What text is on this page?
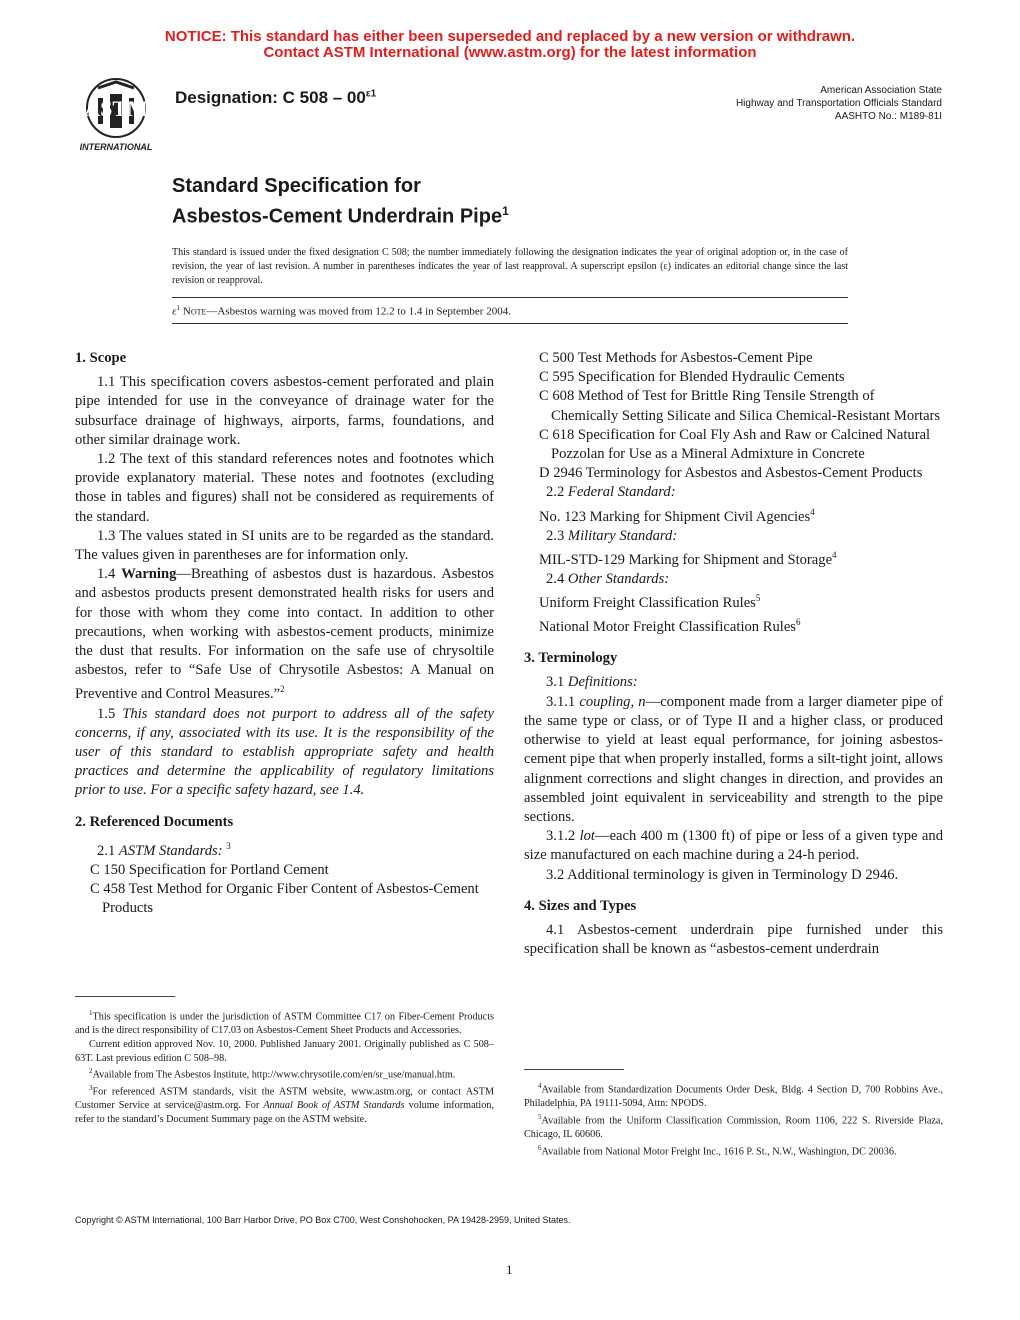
NOTICE: This standard has either been superseded and replaced by a new version or withdrawn.
Contact ASTM International (www.astm.org) for the latest information
ASTM
INTERNATIONAL
Designation: C $508 - 00^{\varepsilon 1}$	American Association State
Highway and Transportation Officials Standard
AASHTO No.: M189-81I
Standard Specification for
Asbestos-Cement Underdrain Pipe$^1$
This standard is issued under the fixed designation C 508; the number immediately following the designation indicates the year of original adoption or, in the case of revision, the year of last revision. A number in parentheses indicates the year of last reapproval. A superscript epsilon (ε) indicates an editorial change since the last revision or reapproval.
$\varepsilon^1$ Note—Asbestos warning was moved from 12.2 to 1.4 in September 2004.
1. Scope

1.1 This specification covers asbestos-cement perforated and plain pipe intended for use in the conveyance of drainage water for the subsurface drainage of highways, airports, farms, foundations, and other similar drainage work.

1.2 The text of this standard references notes and footnotes which provide explanatory material. These notes and footnotes (excluding those in tables and figures) shall not be considered as requirements of the standard.

1.3 The values stated in SI units are to be regarded as the standard. The values given in parentheses are for information only.

1.4 Warning—Breathing of asbestos dust is hazardous. Asbestos and asbestos products present demonstrated health risks for users and for those with whom they come into contact. In addition to other precautions, when working with asbestos-cement products, minimize the dust that results. For information on the safe use of chrysoltile asbestos, refer to “Safe Use of Chrysotile Asbestos: A Manual on Preventive and Control Measures.”$^2$

1.5 This standard does not purport to address all of the safety concerns, if any, associated with its use. It is the responsibility of the user of this standard to establish appropriate safety and health practices and determine the applicability of regulatory limitations prior to use. For a specific safety hazard, see 1.4.

2. Referenced Documents

2.1 ASTM Standards: $^3$

C 150 Specification for Portland Cement
C 458 Test Method for Organic Fiber Content of Asbestos-Cement Products
C 500 Test Methods for Asbestos-Cement Pipe
C 595 Specification for Blended Hydraulic Cements
C 608 Method of Test for Brittle Ring Tensile Strength of Chemically Setting Silicate and Silica Chemical-Resistant Mortars
C 618 Specification for Coal Fly Ash and Raw or Calcined Natural Pozzolan for Use as a Mineral Admixture in Concrete
D 2946 Terminology for Asbestos and Asbestos-Cement Products

2.2 Federal Standard:

No. 123 Marking for Shipment Civil Agencies$^4$

2.3 Military Standard:

MIL-STD-129 Marking for Shipment and Storage$^4$

2.4 Other Standards:

Uniform Freight Classification Rules$^5$
National Motor Freight Classification Rules$^6$
3. Terminology

3.1 Definitions:

3.1.1 coupling, n—component made from a larger diameter pipe of the same type or class, or of Type II and a higher class, or produced otherwise to yield at least equal performance, for joining asbestos-cement pipe that when properly installed, forms a silt-tight joint, allows alignment corrections and slight changes in direction, and provides an assembled joint equivalent in serviceability and strength to the pipe sections.

3.1.2 lot—each 400 m (1300 ft) of pipe or less of a given type and size manufactured on each machine during a 24-h period.

3.2 Additional terminology is given in Terminology D 2946.

4. Sizes and Types

4.1 Asbestos-cement underdrain pipe furnished under this specification shall be known as “asbestos-cement underdrain

$^1$This specification is under the jurisdiction of ASTM Committee C17 on Fiber-Cement Products and is the direct responsibility of C17.03 on Asbestos-Cement Sheet Products and Accessories.

Current edition approved Nov. 10, 2000. Published January 2001. Originally published as C 508–63T. Last previous edition C 508–98.

$^2$Available from The Asbestos Institute, http://www.chrysotile.com/en/sr_use/manual.htm.

$^3$For referenced ASTM standards, visit the ASTM website, www.astm.org, or contact ASTM Customer Service at service@astm.org. For Annual Book of ASTM Standards volume information, refer to the standard’s Document Summary page on the ASTM website.

$^4$Available from Standardization Documents Order Desk, Bldg. 4 Section D, 700 Robbins Ave., Philadelphia, PA 19111-5094, Attn: NPODS.

$^5$Available from the Uniform Classification Commission, Room 1106, 222 S. Riverside Plaza, Chicago, IL 60606.

$^6$Available from National Motor Freight Inc., 1616 P. St., N.W., Washington, DC 20036.

Copyright © ASTM International, 100 Barr Harbor Drive, PO Box C700, West Conshohocken, PA 19428-2959, United States.
1
